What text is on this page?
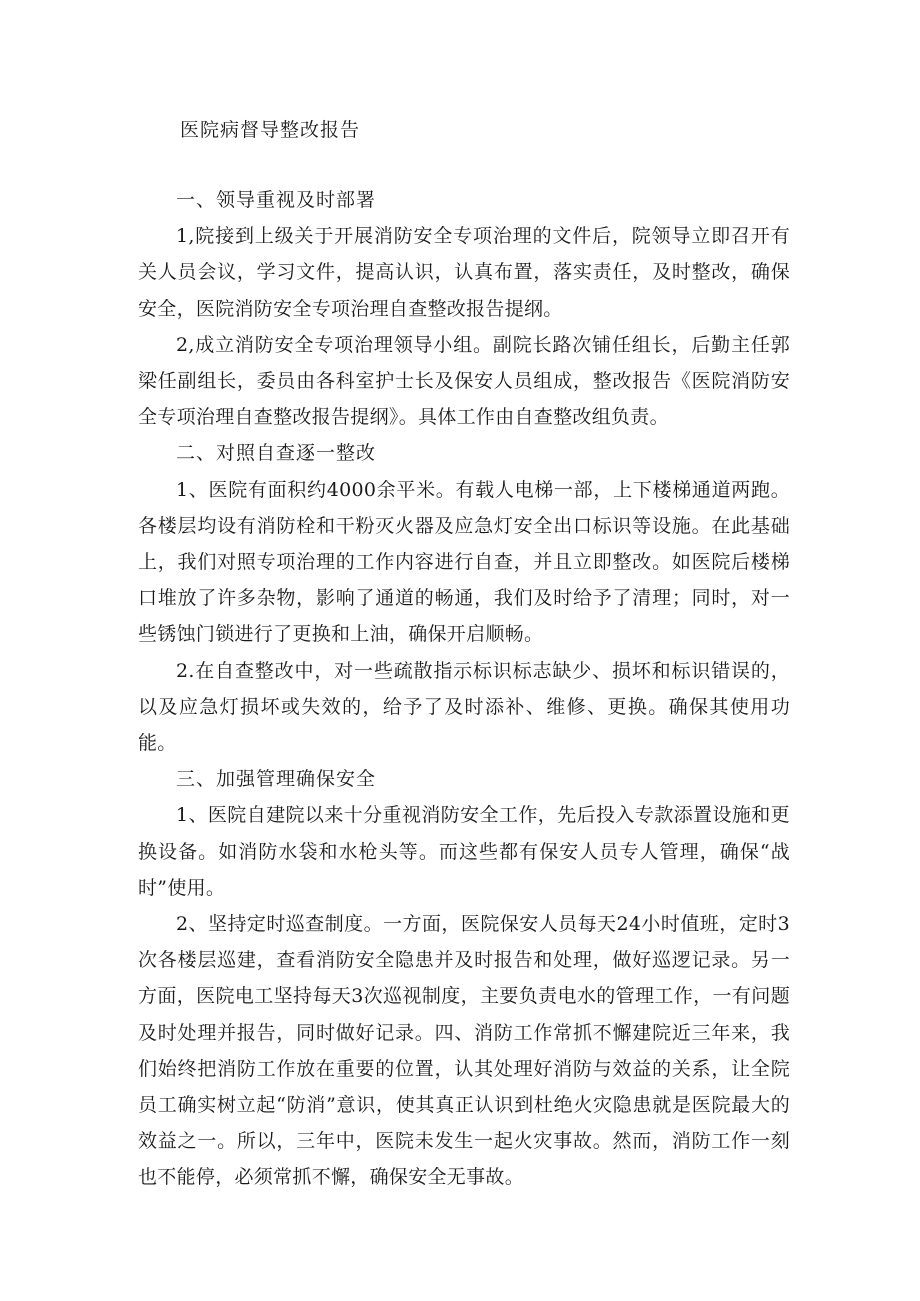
医院病督导整改报告
一、领导重视及时部署

1,院接到上级关于开展消防安全专项治理的文件后，院领导立即召开有关人员会议，学习文件，提高认识，认真布置，落实责任，及时整改，确保安全，医院消防安全专项治理自查整改报告提纲。

2,成立消防安全专项治理领导小组。副院长路次铺任组长，后勤主任郭梁任副组长，委员由各科室护士长及保安人员组成，整改报告《医院消防安全专项治理自查整改报告提纲》。具体工作由自查整改组负责。

二、对照自查逐一整改

1、医院有面积约4000余平米。有载人电梯一部，上下楼梯通道两跑。各楼层均设有消防栓和干粉灭火器及应急灯安全出口标识等设施。在此基础上，我们对照专项治理的工作内容进行自查，并且立即整改。如医院后楼梯口堆放了许多杂物，影响了通道的畅通，我们及时给予了清理；同时，对一些锈蚀门锁进行了更换和上油，确保开启顺畅。

2.在自查整改中，对一些疏散指示标识标志缺少、损坏和标识错误的，以及应急灯损坏或失效的，给予了及时添补、维修、更换。确保其使用功能。

三、加强管理确保安全

1、医院自建院以来十分重视消防安全工作，先后投入专款添置设施和更换设备。如消防水袋和水枪头等。而这些都有保安人员专人管理，确保“战时”使用。

2、坚持定时巡查制度。一方面，医院保安人员每天24小时值班，定时3次各楼层巡建，查看消防安全隐患并及时报告和处理，做好巡逻记录。另一方面，医院电工坚持每天3次巡视制度，主要负责电水的管理工作，一有问题及时处理并报告，同时做好记录。四、消防工作常抓不懈建院近三年来，我们始终把消防工作放在重要的位置，认其处理好消防与效益的关系，让全院员工确实树立起“防消”意识，使其真正认识到杜绝火灾隐患就是医院最大的效益之一。所以，三年中，医院未发生一起火灾事故。然而，消防工作一刻也不能停，必须常抓不懈，确保安全无事故。
